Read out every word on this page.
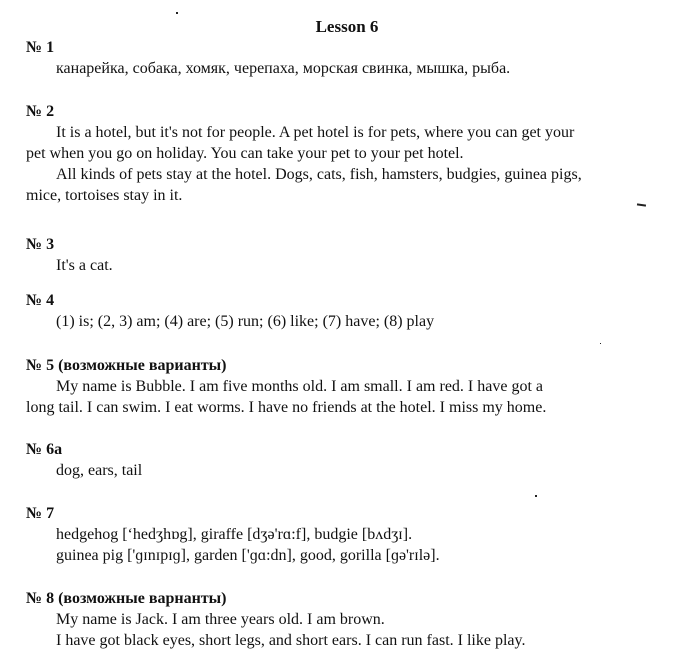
Lesson 6
№ 1
канарейка, собака, хомяк, черепаха, морская свинка, мышка, рыба.
№ 2
It is a hotel, but it's not for people. A pet hotel is for pets, where you can get your
pet when you go on holiday. You can take your pet to your pet hotel.
All kinds of pets stay at the hotel. Dogs, cats, fish, hamsters, budgies, guinea pigs,
mice, tortoises stay in it.
№ 3
It's a cat.
№ 4
(1) is; (2, 3) am; (4) are; (5) run; (6) like; (7) have; (8) play
№ 5 (возможные варианты)
My name is Bubble. I am five months old. I am small. I am red. I have got a
long tail. I can swim. I eat worms. I have no friends at the hotel. I miss my home.
№ 6a
dog, ears, tail
№ 7
hedgehog [‘hedʒhɒg], giraffe [dʒə'rɑ:f], budgie [bʌdʒɪ].
guinea pig ['ɡɪnɪpɪɡ], garden ['ɡɑ:dn], good, gorilla [ɡə'rɪlə].
№ 8 (возможные варнанты)
My name is Jack. I am three years old. I am brown.
I have got black eyes, short legs, and short ears. I can run fast. I like play.
